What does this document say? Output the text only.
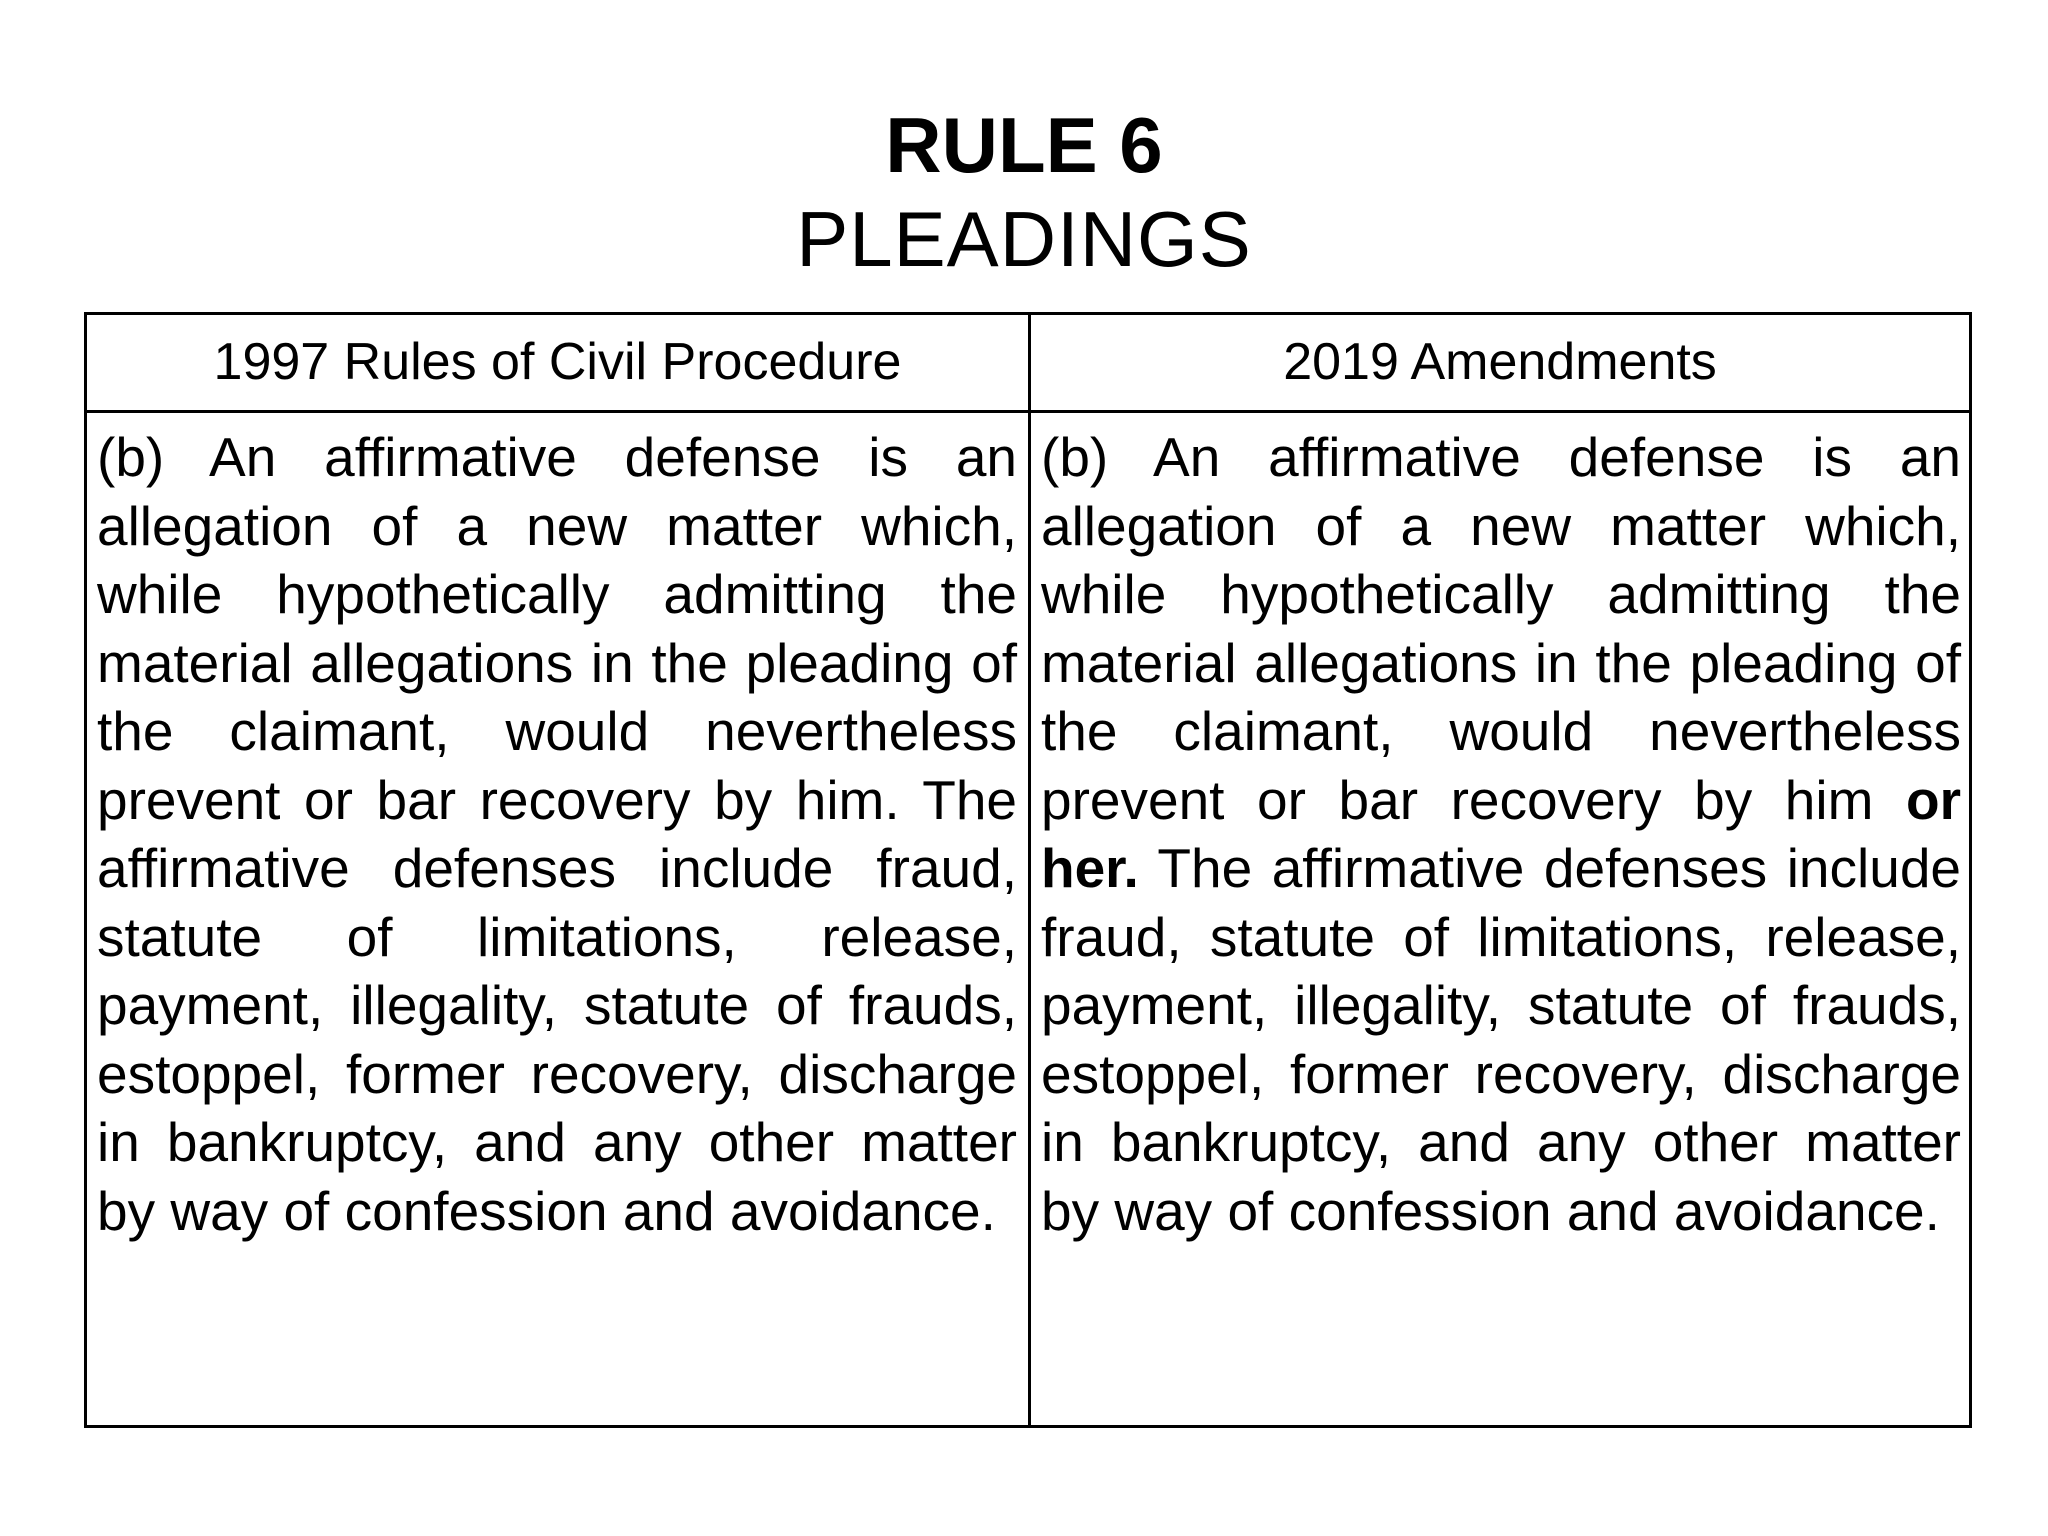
RULE 6
PLEADINGS
1997 Rules of Civil Procedure	2019 Amendments

(b) An affirmative defense is an allegation of a new matter which, while hypothetically admitting the material allegations in the pleading of the claimant, would nevertheless prevent or bar recovery by him. The affirmative defenses include fraud, statute of limitations, release, payment, illegality, statute of frauds, estoppel, former recovery, discharge in bankruptcy, and any other matter by way of confession and avoidance.

(b) An affirmative defense is an allegation of a new matter which, while hypothetically admitting the material allegations in the pleading of the claimant, would nevertheless prevent or bar recovery by him or her. The affirmative defenses include fraud, statute of limitations, release, payment, illegality, statute of frauds, estoppel, former recovery, discharge in bankruptcy, and any other matter by way of confession and avoidance.
